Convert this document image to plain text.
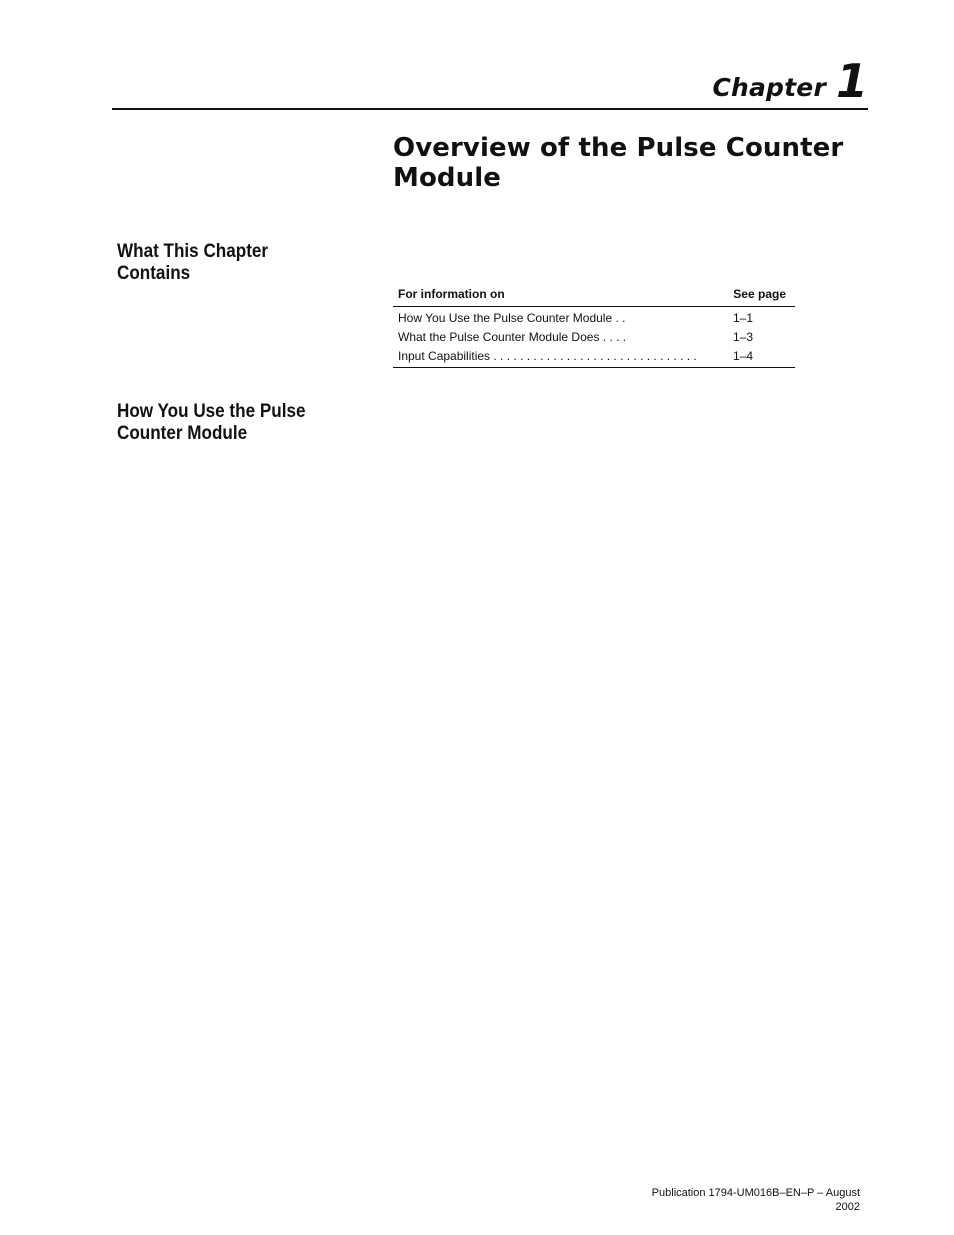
Chapter 1
Overview of the Pulse Counter Module
What This Chapter Contains
For information on	See page
How You Use the Pulse Counter Module . .	1–1
What the Pulse Counter Module Does . . . .	1–3
Input Capabilities . . . . . . . . . . . . . . . . . . . . . . . . . . . . . . .	1–4
How You Use the Pulse Counter Module
Publication 1794-UM016B–EN–P – August
2002
